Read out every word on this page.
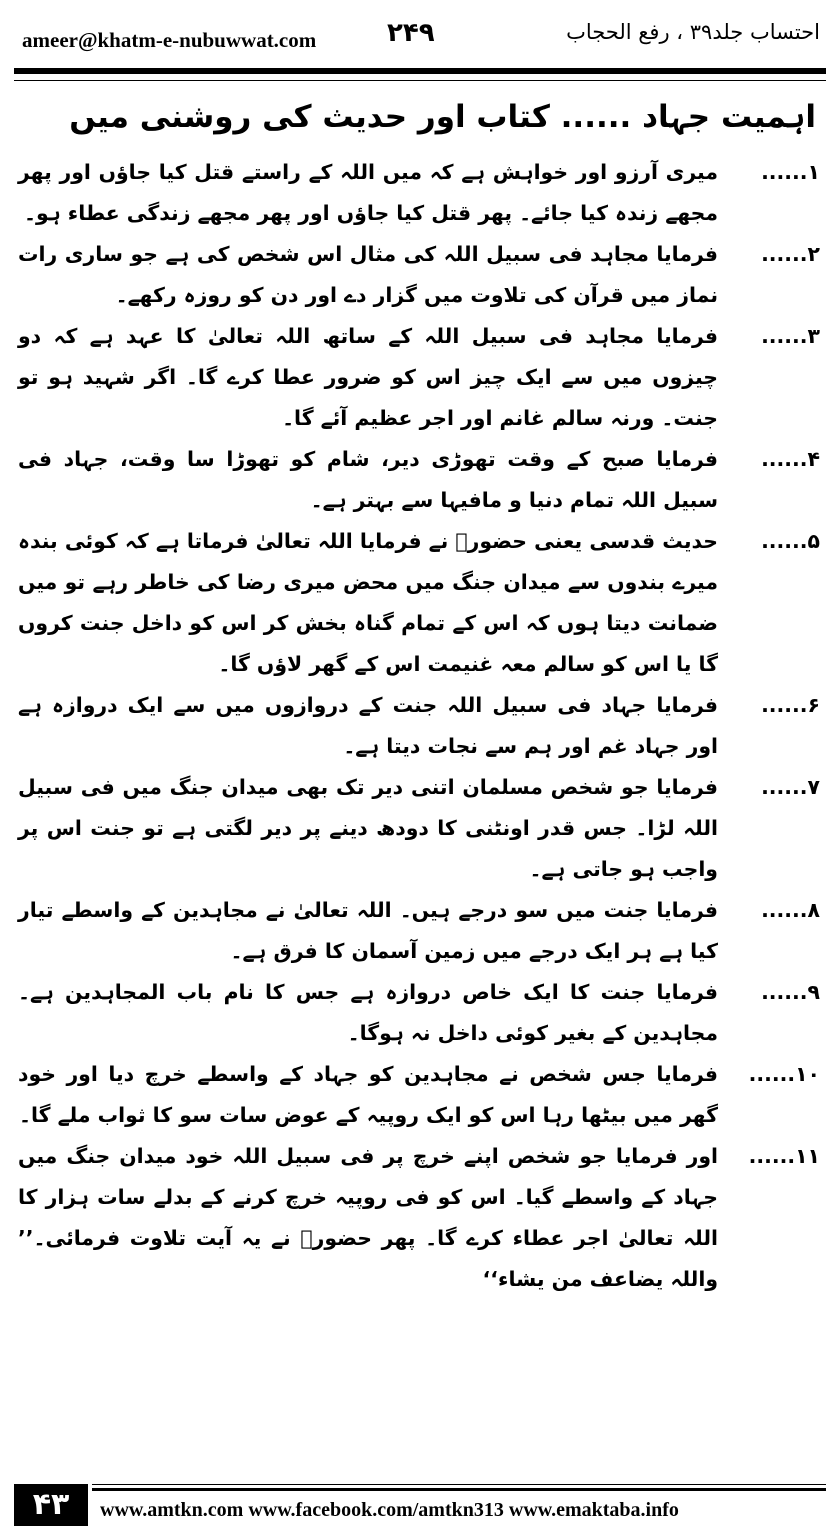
ameer@khatm-e-nubuwwat.com	۲۴۹	احتساب جلد۳۹ ، رفع الحجاب
اہمیت جہاد ...... کتاب اور حدیث کی روشنی میں
۱......
میری آرزو اور خواہش ہے کہ میں اللہ کے راستے قتل کیا جاؤں اور پھر مجھے زندہ کیا جائے۔ پھر قتل کیا جاؤں اور پھر مجھے زندگی عطاء ہو۔
۲......
فرمایا مجاہد فی سبیل اللہ کی مثال اس شخص کی ہے جو ساری رات نماز میں قرآن کی تلاوت میں گزار دے اور دن کو روزہ رکھے۔
۳......
فرمایا مجاہد فی سبیل اللہ کے ساتھ اللہ تعالیٰ کا عہد ہے کہ دو چیزوں میں سے ایک چیز اس کو ضرور عطا کرے گا۔ اگر شہید ہو تو جنت۔ ورنہ سالم غانم اور اجر عظیم آئے گا۔
۴......
فرمایا صبح کے وقت تھوڑی دیر، شام کو تھوڑا سا وقت، جہاد فی سبیل اللہ تمام دنیا و مافیہا سے بہتر ہے۔
۵......
حدیث قدسی یعنی حضورؐ نے فرمایا اللہ تعالیٰ فرماتا ہے کہ کوئی بندہ میرے بندوں سے میدان جنگ میں محض میری رضا کی خاطر رہے تو میں ضمانت دیتا ہوں کہ اس کے تمام گناہ بخش کر اس کو داخل جنت کروں گا یا اس کو سالم معہ غنیمت اس کے گھر لاؤں گا۔
۶......
فرمایا جہاد فی سبیل اللہ جنت کے دروازوں میں سے ایک دروازہ ہے اور جہاد غم اور ہم سے نجات دیتا ہے۔
۷......
فرمایا جو شخص مسلمان اتنی دیر تک بھی میدان جنگ میں فی سبیل اللہ لڑا۔ جس قدر اونٹنی کا دودھ دینے پر دیر لگتی ہے تو جنت اس پر واجب ہو جاتی ہے۔
۸......
فرمایا جنت میں سو درجے ہیں۔ اللہ تعالیٰ نے مجاہدین کے واسطے تیار کیا ہے ہر ایک درجے میں زمین آسمان کا فرق ہے۔
۹......
فرمایا جنت کا ایک خاص دروازہ ہے جس کا نام باب المجاہدین ہے۔ مجاہدین کے بغیر کوئی داخل نہ ہوگا۔
۱۰......
فرمایا جس شخص نے مجاہدین کو جہاد کے واسطے خرچ دیا اور خود گھر میں بیٹھا رہا اس کو ایک روپیہ کے عوض سات سو کا ثواب ملے گا۔
۱۱......
اور فرمایا جو شخص اپنے خرچ پر فی سبیل اللہ خود میدان جنگ میں جہاد کے واسطے گیا۔ اس کو فی روپیہ خرچ کرنے کے بدلے سات ہزار کا اللہ تعالیٰ اجر عطاء کرے گا۔ پھر حضورؐ نے یہ آیت تلاوت فرمائی۔’’ واللہ یضاعف من یشاء‘‘
۴۳	www.amtkn.com www.facebook.com/amtkn313 www.emaktaba.info
